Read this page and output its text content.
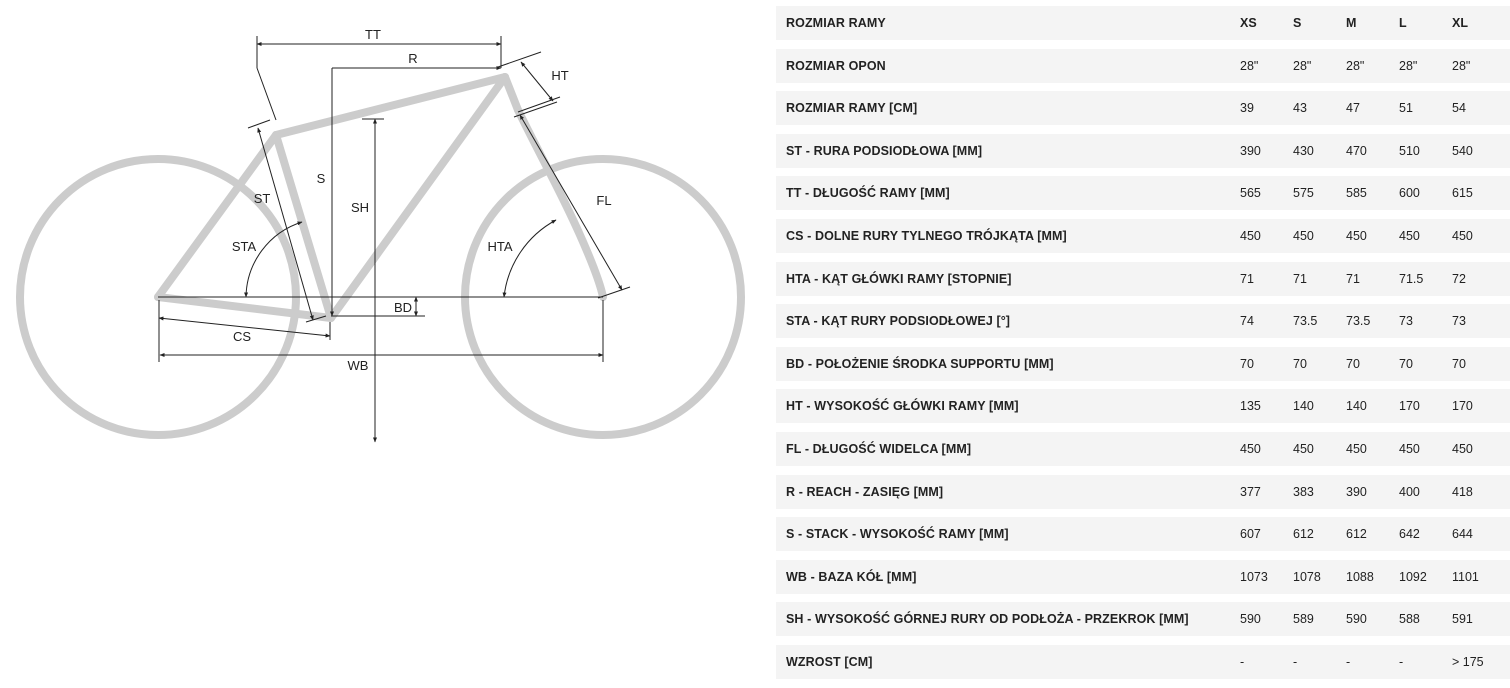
TT
R
HT
S
SH
ST
STA	HTA
FL
BD
CS
WB
ROZMIAR RAMY	XS	S	M	L	XL
ROZMIAR OPON	28"	28"	28"	28"	28"
ROZMIAR RAMY [CM]	39	43	47	51	54
ST - RURA PODSIODŁOWA [MM]	390	430	470	510	540
TT - DŁUGOŚĆ RAMY [MM]	565	575	585	600	615
CS - DOLNE RURY TYLNEGO TRÓJKĄTA [MM]	450	450	450	450	450
HTA - KĄT GŁÓWKI RAMY [STOPNIE]	71	71	71	71.5	72
STA - KĄT RURY PODSIODŁOWEJ [°]	74	73.5	73.5	73	73
BD - POŁOŻENIE ŚRODKA SUPPORTU [MM]	70	70	70	70	70
HT - WYSOKOŚĆ GŁÓWKI RAMY [MM]	135	140	140	170	170
FL - DŁUGOŚĆ WIDELCA [MM]	450	450	450	450	450
R - REACH - ZASIĘG [MM]	377	383	390	400	418
S - STACK - WYSOKOŚĆ RAMY [MM]	607	612	612	642	644
WB - BAZA KÓŁ [MM]	1073	1078	1088	1092	1101
SH - WYSOKOŚĆ GÓRNEJ RURY OD PODŁOŻA - PRZEKROK [MM]	590	589	590	588	591
WZROST [CM]	-	-	-	-	> 175
